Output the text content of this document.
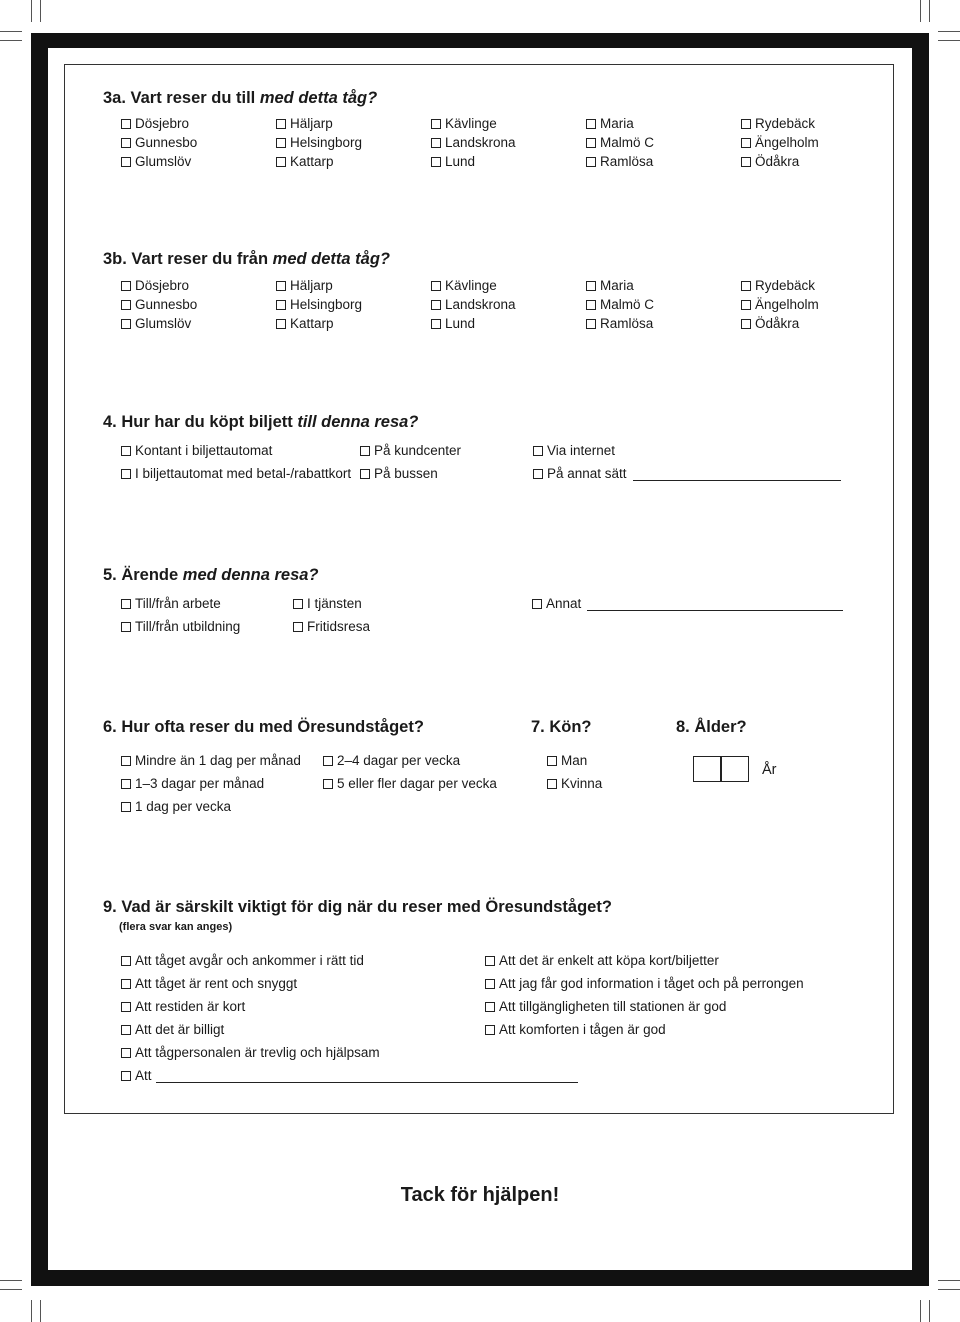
3a. Vart reser du till med detta tåg?
Dösjebro	Häljarp	Kävlinge	Maria	Rydebäck
Gunnesbo	Helsingborg	Landskrona	Malmö C	Ängelholm
Glumslöv	Kattarp	Lund	Ramlösa	Ödåkra
3b. Vart reser du från med detta tåg?
Dösjebro	Häljarp	Kävlinge	Maria	Rydebäck
Gunnesbo	Helsingborg	Landskrona	Malmö C	Ängelholm
Glumslöv	Kattarp	Lund	Ramlösa	Ödåkra
4. Hur har du köpt biljett till denna resa?
Kontant i biljettautomat	På kundcenter	Via internet
I biljettautomat med betal-/rabattkort	På bussen	På annat sätt
5. Ärende med denna resa?
Till/från arbete	I tjänsten	Annat
Till/från utbildning	Fritidsresa
6. Hur ofta reser du med Öresundståget?	7. Kön?	8. Ålder?
Mindre än 1 dag per månad	2–4 dagar per vecka
1–3 dagar per månad	5 eller fler dagar per vecka
1 dag per vecka
Man
Kvinna
År
9. Vad är särskilt viktigt för dig när du reser med Öresundståget?
(flera svar kan anges)
Att tåget avgår och ankommer i rätt tid	Att det är enkelt att köpa kort/biljetter
Att tåget är rent och snyggt	Att jag får god information i tåget och på perrongen
Att restiden är kort	Att tillgängligheten till stationen är god
Att det är billigt	Att komforten i tågen är god
Att tågpersonalen är trevlig och hjälpsam
Att
Tack för hjälpen!
